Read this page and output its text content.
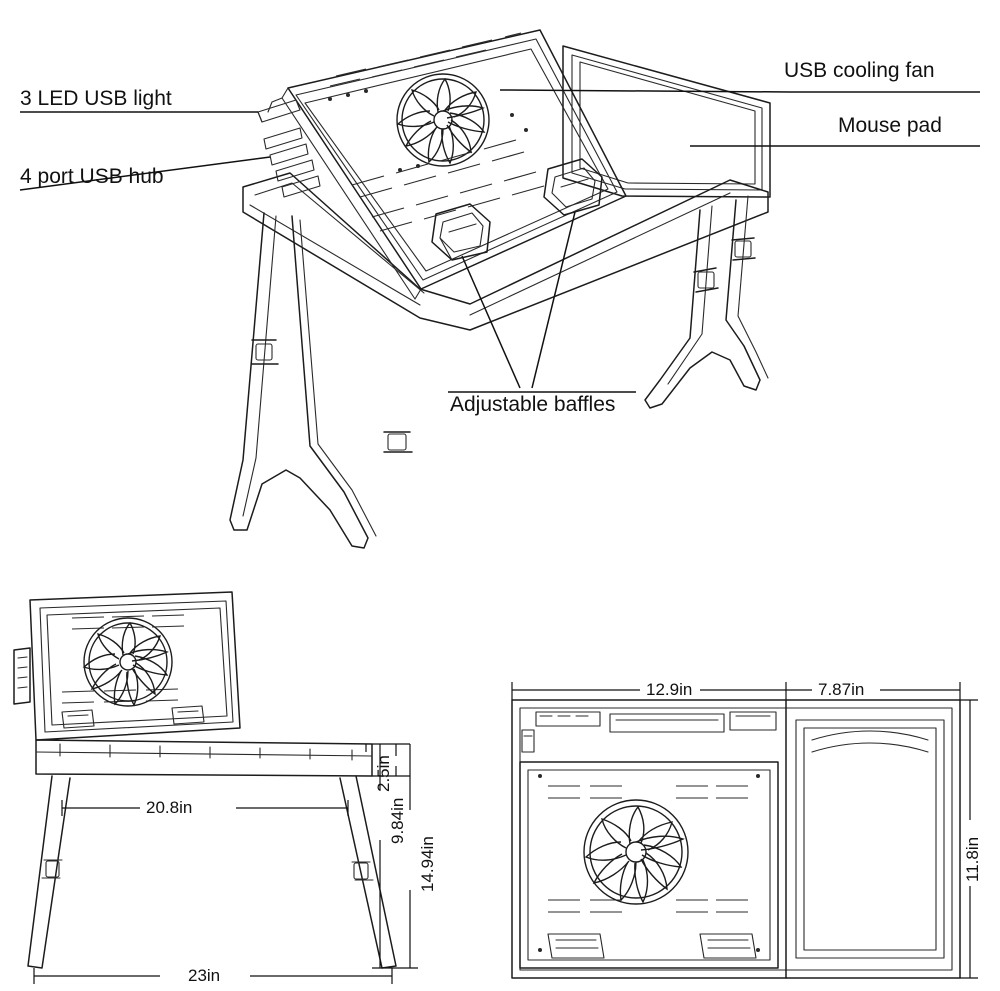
3 LED USB light
4 port USB hub
USB cooling fan
Mouse pad
Adjustable baffles
20.8in
23in
14.94in
9.84in
2.5in
12.9in	7.87in
11.8in
